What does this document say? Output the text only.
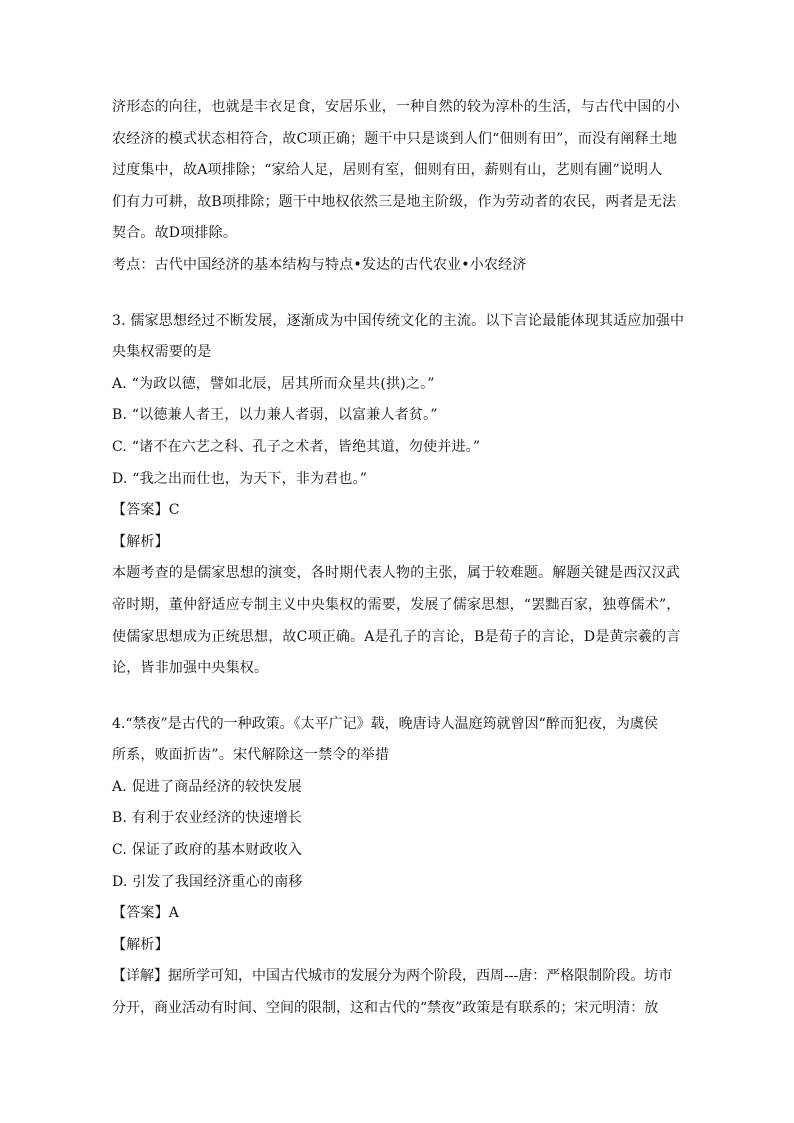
济形态的向往，也就是丰衣足食，安居乐业，一种自然的较为淳朴的生活，与古代中国的小
农经济的模式状态相符合，故C项正确；题干中只是谈到人们“佃则有田”，而没有阐释土地
过度集中，故A项排除；“家给人足，居则有室，佃则有田，薪则有山，艺则有圃”说明人
们有力可耕，故B项排除；题干中地权依然三是地主阶级，作为劳动者的农民，两者是无法
契合。故D项排除。
考点：古代中国经济的基本结构与特点•发达的古代农业•小农经济
3. 儒家思想经过不断发展，逐渐成为中国传统文化的主流。以下言论最能体现其适应加强中
央集权需要的是
A. “为政以德，譬如北辰，居其所而众星共(拱)之。”
B. “以德兼人者王，以力兼人者弱，以富兼人者贫。”
C. “诸不在六艺之科、孔子之术者，皆绝其道，勿使并进。”
D. “我之出而仕也，为天下，非为君也。”
【答案】C
【解析】
本题考查的是儒家思想的演变，各时期代表人物的主张，属于较难题。解题关键是西汉汉武
帝时期，董仲舒适应专制主义中央集权的需要，发展了儒家思想，“罢黜百家，独尊儒术”，
使儒家思想成为正统思想，故C项正确。A是孔子的言论，B是荀子的言论，D是黄宗羲的言
论，皆非加强中央集权。
4.“禁夜”是古代的一种政策。《太平广记》载，晚唐诗人温庭筠就曾因“醉而犯夜，为虞侯
所系，败面折齿”。宋代解除这一禁令的举措
A. 促进了商品经济的较快发展
B. 有利于农业经济的快速增长
C. 保证了政府的基本财政收入
D. 引发了我国经济重心的南移
【答案】A
【解析】
【详解】据所学可知，中国古代城市的发展分为两个阶段，西周---唐：严格限制阶段。坊市
分开，商业活动有时间、空间的限制，这和古代的“禁夜”政策是有联系的；宋元明清：放
